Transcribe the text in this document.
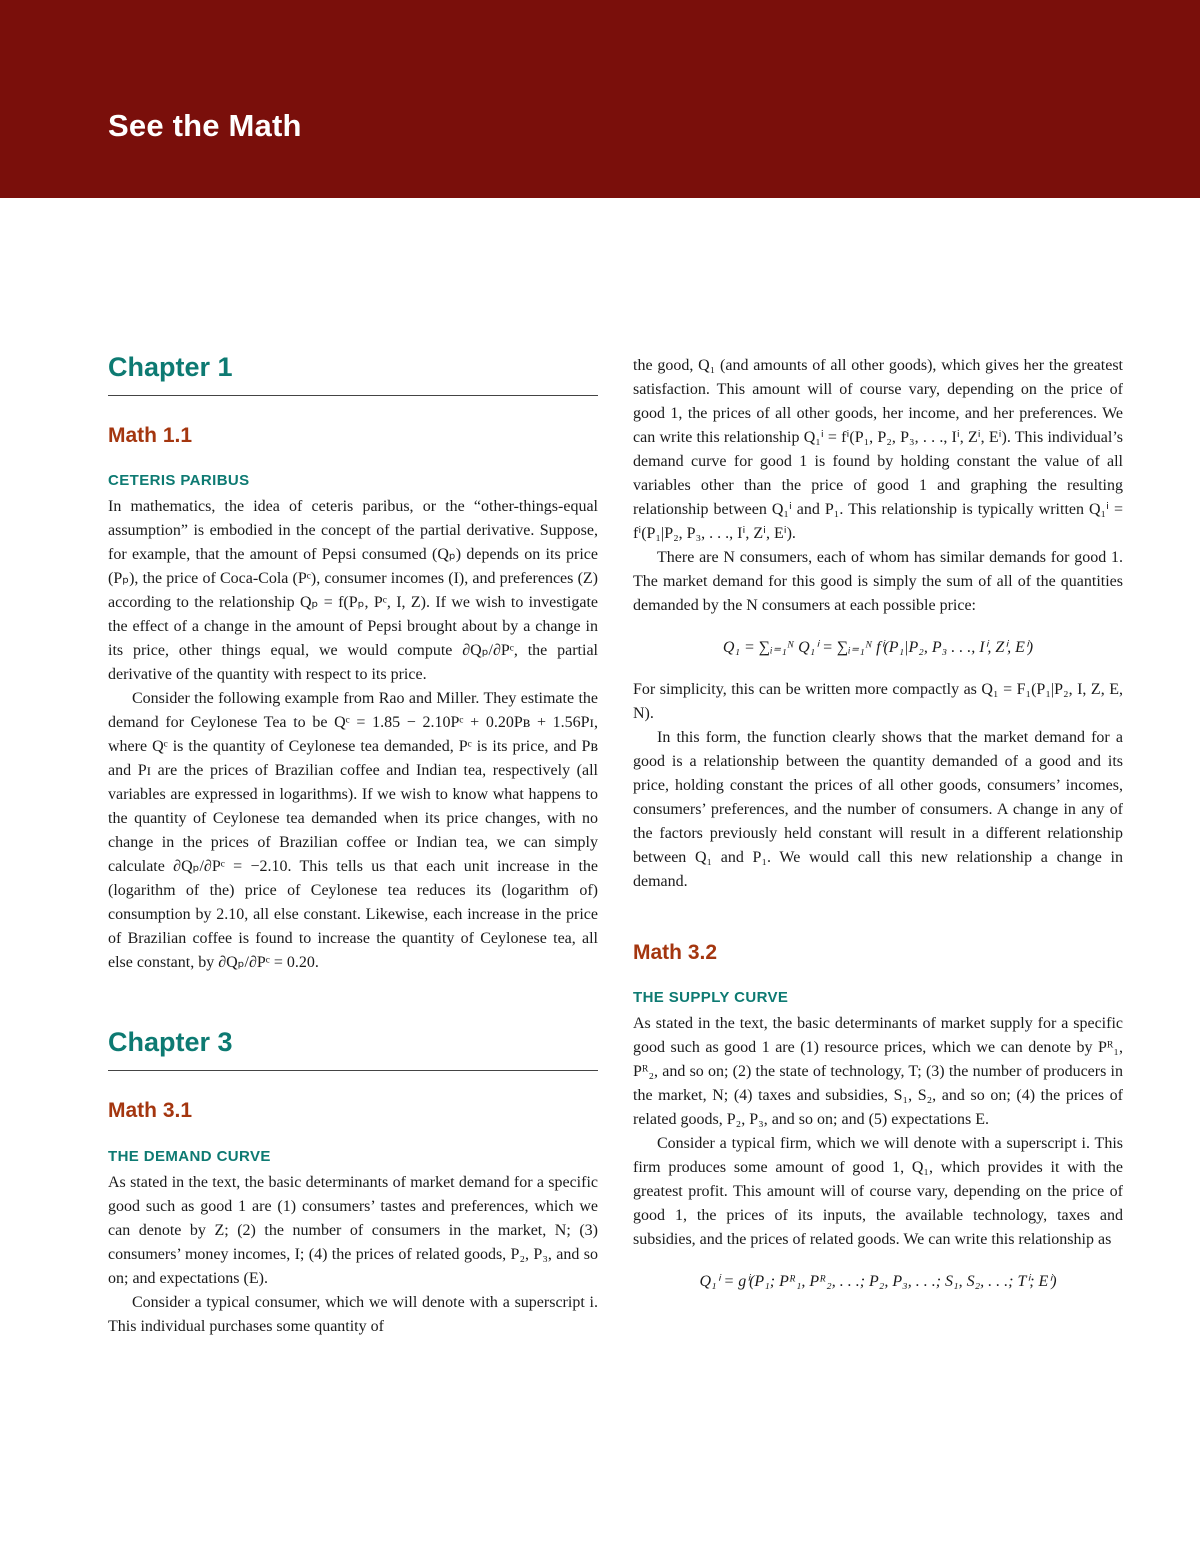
See the Math
Chapter 1
Math 1.1
CETERIS PARIBUS

In mathematics, the idea of ceteris paribus, or the “other-things-equal assumption” is embodied in the concept of the partial derivative. Suppose, for example, that the amount of Pepsi consumed (Qₚ) depends on its price (Pₚ), the price of Coca-Cola (Pᶜ), consumer incomes (I), and preferences (Z) according to the relationship Qₚ = f(Pₚ, Pᶜ, I, Z). If we wish to investigate the effect of a change in the amount of Pepsi brought about by a change in its price, other things equal, we would compute ∂Qₚ/∂Pᶜ, the partial derivative of the quantity with respect to its price.

Consider the following example from Rao and Miller. They estimate the demand for Ceylonese Tea to be Qᶜ = 1.85 − 2.10Pᶜ + 0.20Pʙ + 1.56Pɪ, where Qᶜ is the quantity of Ceylonese tea demanded, Pᶜ is its price, and Pʙ and Pɪ are the prices of Brazilian coffee and Indian tea, respectively (all variables are expressed in logarithms). If we wish to know what happens to the quantity of Ceylonese tea demanded when its price changes, with no change in the prices of Brazilian coffee or Indian tea, we can simply calculate ∂Qₚ/∂Pᶜ = −2.10. This tells us that each unit increase in the (logarithm of the) price of Ceylonese tea reduces its (logarithm of) consumption by 2.10, all else constant. Likewise, each increase in the price of Brazilian coffee is found to increase the quantity of Ceylonese tea, all else constant, by ∂Qₚ/∂Pᶜ = 0.20.

Chapter 3
Math 3.1
THE DEMAND CURVE

As stated in the text, the basic determinants of market demand for a specific good such as good 1 are (1) consumers’ tastes and preferences, which we can denote by Z; (2) the number of consumers in the market, N; (3) consumers’ money incomes, I; (4) the prices of related goods, P₂, P₃, and so on; and expectations (E).

Consider a typical consumer, which we will denote with a superscript i. This individual purchases some quantity of

the good, Q₁ (and amounts of all other goods), which gives her the greatest satisfaction. This amount will of course vary, depending on the price of good 1, the prices of all other goods, her income, and her preferences. We can write this relationship Q₁ⁱ = fⁱ(P₁, P₂, P₃, . . ., Iⁱ, Zⁱ, Eⁱ). This individual’s demand curve for good 1 is found by holding constant the value of all variables other than the price of good 1 and graphing the resulting relationship between Q₁ⁱ and P₁. This relationship is typically written Q₁ⁱ = fⁱ(P₁|P₂, P₃, . . ., Iⁱ, Zⁱ, Eⁱ).

There are N consumers, each of whom has similar demands for good 1. The market demand for this good is simply the sum of all of the quantities demanded by the N consumers at each possible price:

Q₁ = ∑ᵢ₌₁ᴺ Q₁ⁱ = ∑ᵢ₌₁ᴺ fⁱ(P₁|P₂, P₃ . . ., Iⁱ, Zⁱ, Eⁱ)

For simplicity, this can be written more compactly as Q₁ = F₁(P₁|P₂, I, Z, E, N).

In this form, the function clearly shows that the market demand for a good is a relationship between the quantity demanded of a good and its price, holding constant the prices of all other goods, consumers’ incomes, consumers’ preferences, and the number of consumers. A change in any of the factors previously held constant will result in a different relationship between Q₁ and P₁. We would call this new relationship a change in demand.

Math 3.2
THE SUPPLY CURVE

As stated in the text, the basic determinants of market supply for a specific good such as good 1 are (1) resource prices, which we can denote by Pᴿ₁, Pᴿ₂, and so on; (2) the state of technology, T; (3) the number of producers in the market, N; (4) taxes and subsidies, S₁, S₂, and so on; (4) the prices of related goods, P₂, P₃, and so on; and (5) expectations E.

Consider a typical firm, which we will denote with a superscript i. This firm produces some amount of good 1, Q₁, which provides it with the greatest profit. This amount will of course vary, depending on the price of good 1, the prices of its inputs, the available technology, taxes and subsidies, and the prices of related goods. We can write this relationship as

Q₁ⁱ = gⁱ(P₁; Pᴿ₁, Pᴿ₂, . . .; P₂, P₃, . . .; S₁, S₂, . . .; Tⁱ; Eⁱ)
